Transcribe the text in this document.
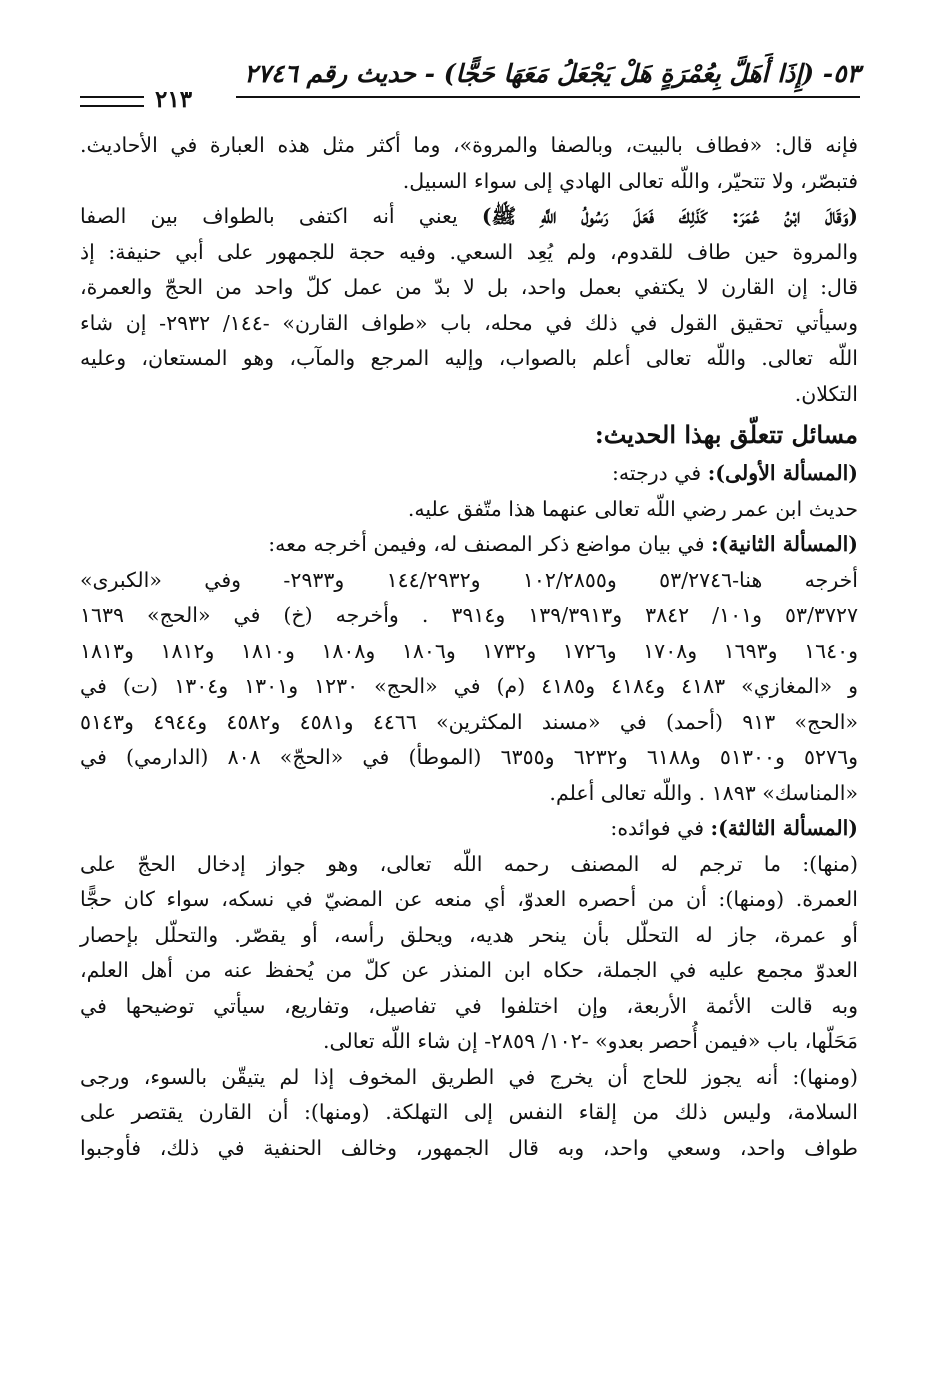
٥٣- (إِذَا أَهَلَّ بِعُمْرَةٍ هَلْ يَجْعَلُ مَعَهَا حَجًّا) - حديث رقم ٢٧٤٦
٢١٣

فإنه قال: «فطاف بالبيت، وبالصفا والمروة»، وما أكثر مثل هذه العبارة في الأحاديث.
فتبصّر، ولا تتحيّر، واللّه تعالى الهادي إلى سواء السبيل.

(وَقَالَ ابْنُ عُمَرَ: كَذَلِكَ فَعَلَ رَسُولُ اللَّهِ ﷺ) يعني أنه اكتفى بالطواف بين الصفا
والمروة حين طاف للقدوم، ولم يُعِد السعي. وفيه حجة للجمهور على أبي حنيفة: إذ
قال: إن القارن لا يكتفي بعمل واحد، بل لا بدّ من عمل كلّ واحد من الحجّ والعمرة،
وسيأتي تحقيق القول في ذلك في محله، باب «طواف القارن» -١٤٤/ ٢٩٣٢- إن شاء
اللّه تعالى. واللّه تعالى أعلم بالصواب، وإليه المرجع والمآب، وهو المستعان، وعليه
التكلان.

مسائل تتعلّق بهذا الحديث:

(المسألة الأولى): في درجته:
حديث ابن عمر رضي اللّه تعالى عنهما هذا متّفق عليه.

(المسألة الثانية): في بيان مواضع ذكر المصنف له، وفيمن أخرجه معه:
أخرجه هنا-٥٣/٢٧٤٦ و١٠٢/٢٨٥٥ و١٤٤/٢٩٣٢ و٢٩٣٣- وفي «الكبرى»
٥٣/٣٧٢٧ و١٠١/ ٣٨٤٢ و١٣٩/٣٩١٣ و٣٩١٤ . وأخرجه (خ) في «الحج» ١٦٣٩
و١٦٤٠ و١٦٩٣ و١٧٠٨ و١٧٢٦ و١٧٣٢ و١٨٠٦ و١٨٠٨ و١٨١٠ و١٨١٢ و١٨١٣
و «المغازي» ٤١٨٣ و٤١٨٤ و٤١٨٥ (م) في «الحج» ١٢٣٠ و١٣٠١ و١٣٠٤ (ت) في
«الحج» ٩١٣ (أحمد) في «مسند المكثرين» ٤٤٦٦ و٤٥٨١ و٤٥٨٢ و٤٩٤٤ و٥١٤٣
و٥٢٧٦ و٥١٣٠٠ و٦١٨٨ و٦٢٣٢ و٦٣٥٥ (الموطأ) في «الحجّ» ٨٠٨ (الدارمي) في
«المناسك» ١٨٩٣ . واللّه تعالى أعلم.

(المسألة الثالثة): في فوائده:
(منها): ما ترجم له المصنف رحمه اللّه تعالى، وهو جواز إدخال الحجّ على
العمرة. (ومنها): أن من أحصره العدوّ، أي منعه عن المضيّ في نسكه، سواء كان حجًّا
أو عمرة، جاز له التحلّل بأن ينحر هديه، ويحلق رأسه، أو يقصّر. والتحلّل بإحصار
العدوّ مجمع عليه في الجملة، حكاه ابن المنذر عن كلّ من يُحفظ عنه من أهل العلم،
وبه قالت الأئمة الأربعة، وإن اختلفوا في تفاصيل، وتفاريع، سيأتي توضيحها في
مَحَلّها، باب «فيمن أُحصر بعدو» -١٠٢/ ٢٨٥٩- إن شاء اللّه تعالى.

(ومنها): أنه يجوز للحاج أن يخرج في الطريق المخوف إذا لم يتيقّن بالسوء، ورجى
السلامة، وليس ذلك من إلقاء النفس إلى التهلكة. (ومنها): أن القارن يقتصر على
طواف واحد، وسعي واحد، وبه قال الجمهور، وخالف الحنفية في ذلك، فأوجبوا
